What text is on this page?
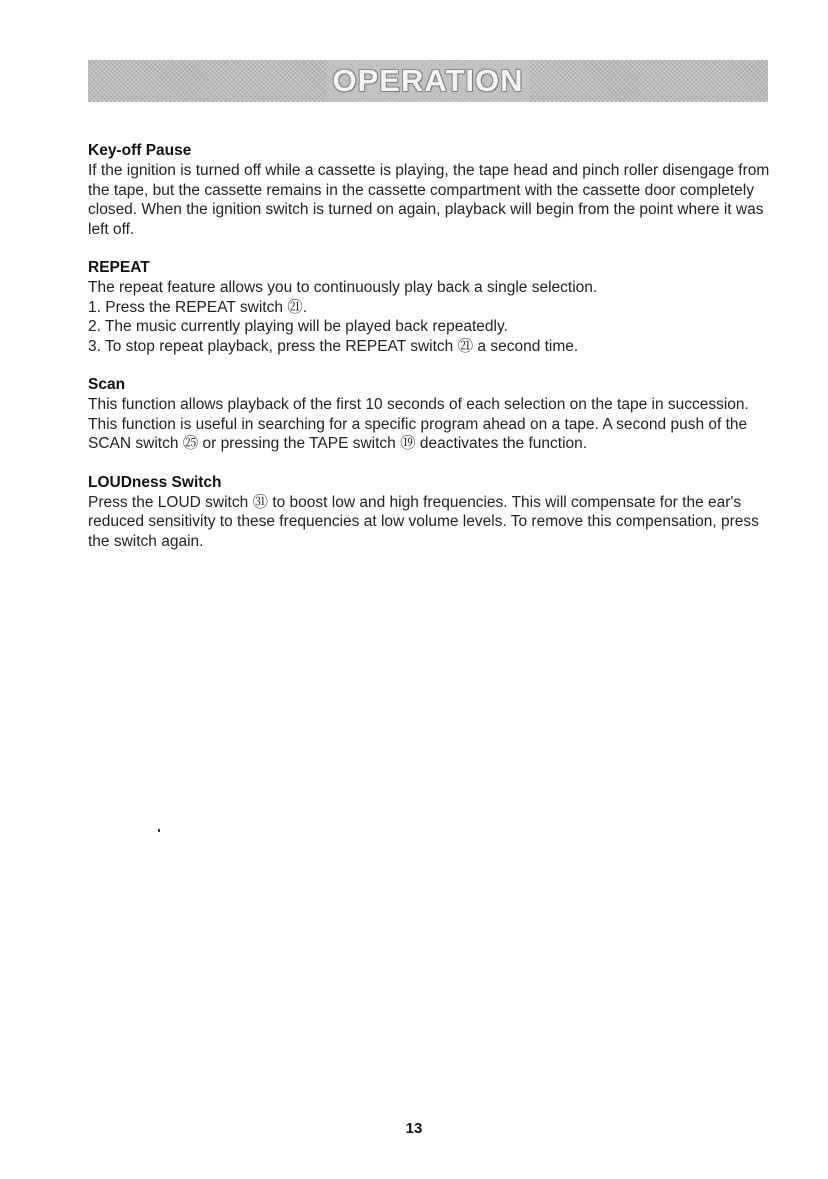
OPERATION
Key-off Pause
If the ignition is turned off while a cassette is playing, the tape head and pinch roller disengage from the tape, but the cassette remains in the cassette compartment with the cassette door completely closed. When the ignition switch is turned on again, playback will begin from the point where it was left off.
REPEAT
The repeat feature allows you to continuously play back a single selection.
1. Press the REPEAT switch ㉑.
2. The music currently playing will be played back repeatedly.
3. To stop repeat playback, press the REPEAT switch ㉑ a second time.
Scan
This function allows playback of the first 10 seconds of each selection on the tape in succession. This function is useful in searching for a specific program ahead on a tape. A second push of the SCAN switch ㉕ or pressing the TAPE switch ⑲ deactivates the function.
LOUDness Switch
Press the LOUD switch ㉛ to boost low and high frequencies. This will compensate for the ear's reduced sensitivity to these frequencies at low volume levels. To remove this compensation, press the switch again.
13
